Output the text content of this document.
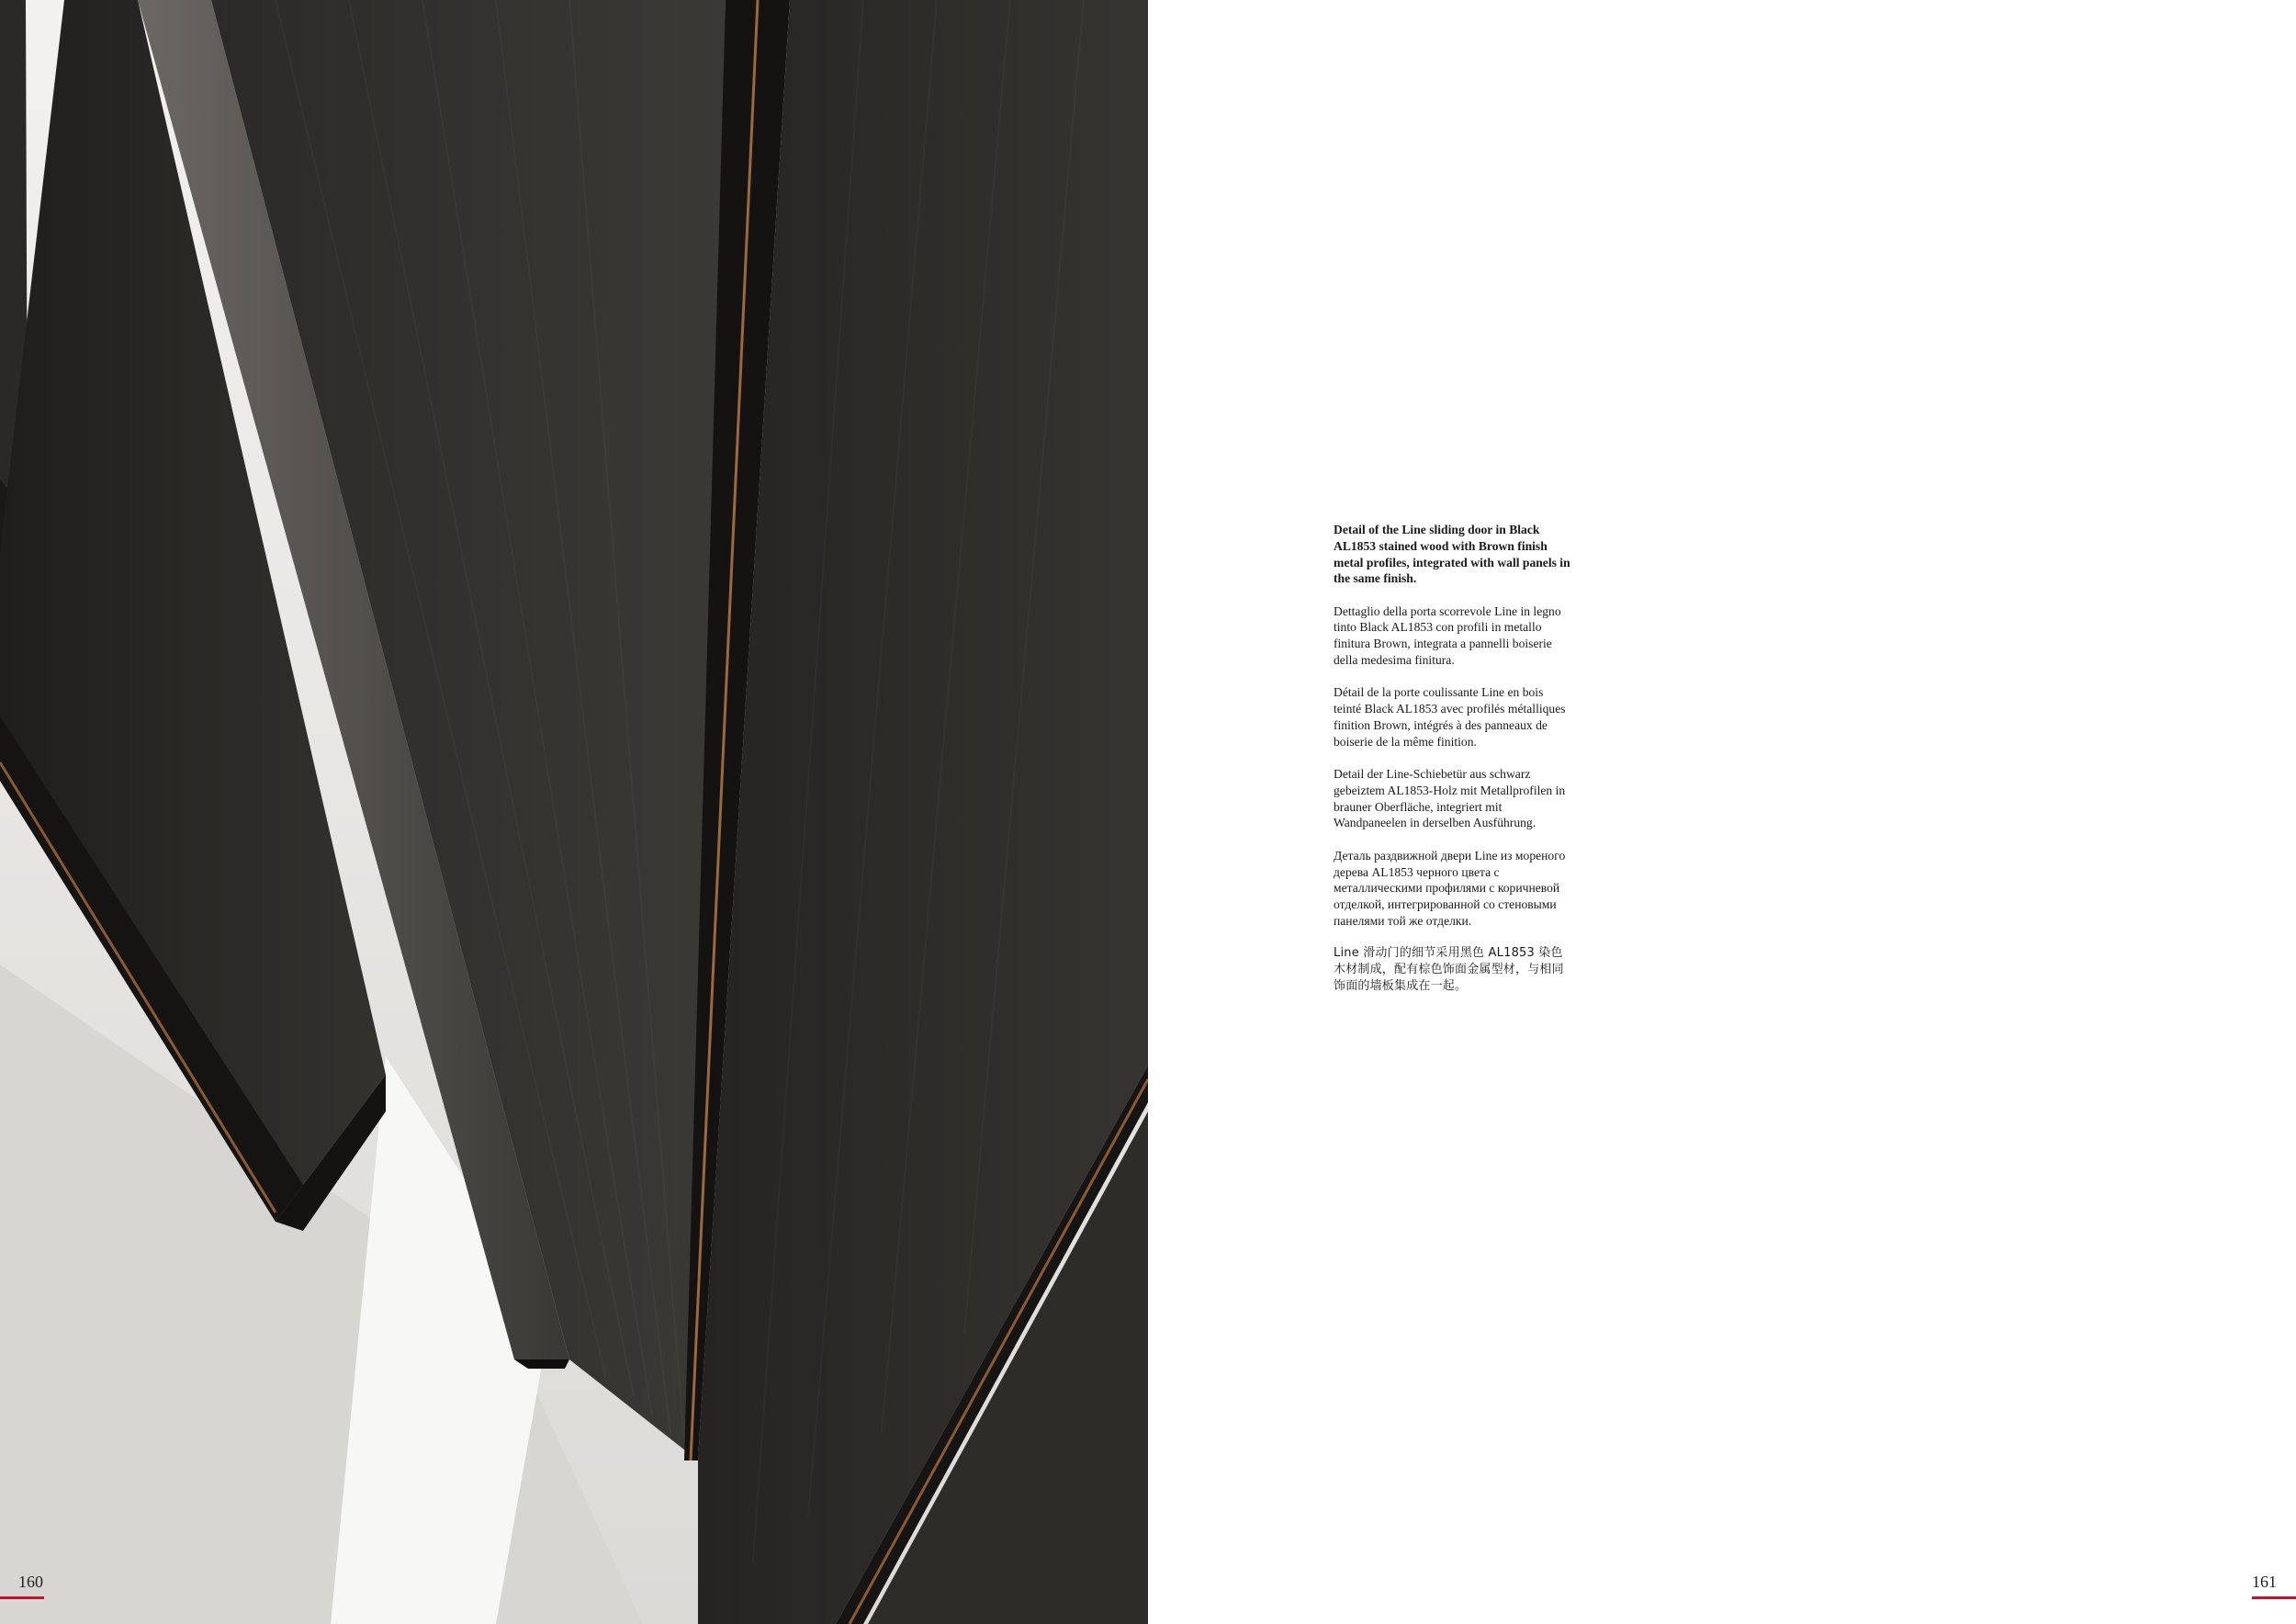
Detail of the Line sliding door in Black AL1853 stained wood with Brown finish metal profiles, integrated with wall panels in the same finish.

Dettaglio della porta scorrevole Line in legno tinto Black AL1853 con profili in metallo finitura Brown, integrata a pannelli boiserie della medesima finitura.

Détail de la porte coulissante Line en bois teinté Black AL1853 avec profilés métalliques finition Brown, intégrés à des panneaux de boiserie de la même finition.

Detail der Line-Schiebetür aus schwarz gebeiztem AL1853-Holz mit Metallprofilen in brauner Oberfläche, integriert mit Wandpaneelen in derselben Ausführung.

Деталь раздвижной двери Line из мореного дерева AL1853 черного цвета с металлическими профилями с коричневой отделкой, интегрированной со стеновыми панелями той же отделки.

Line 滑动门的细节采用黑色 AL1853 染色木材制成，配有棕色饰面金属型材，与相同饰面的墙板集成在一起。

160	161
